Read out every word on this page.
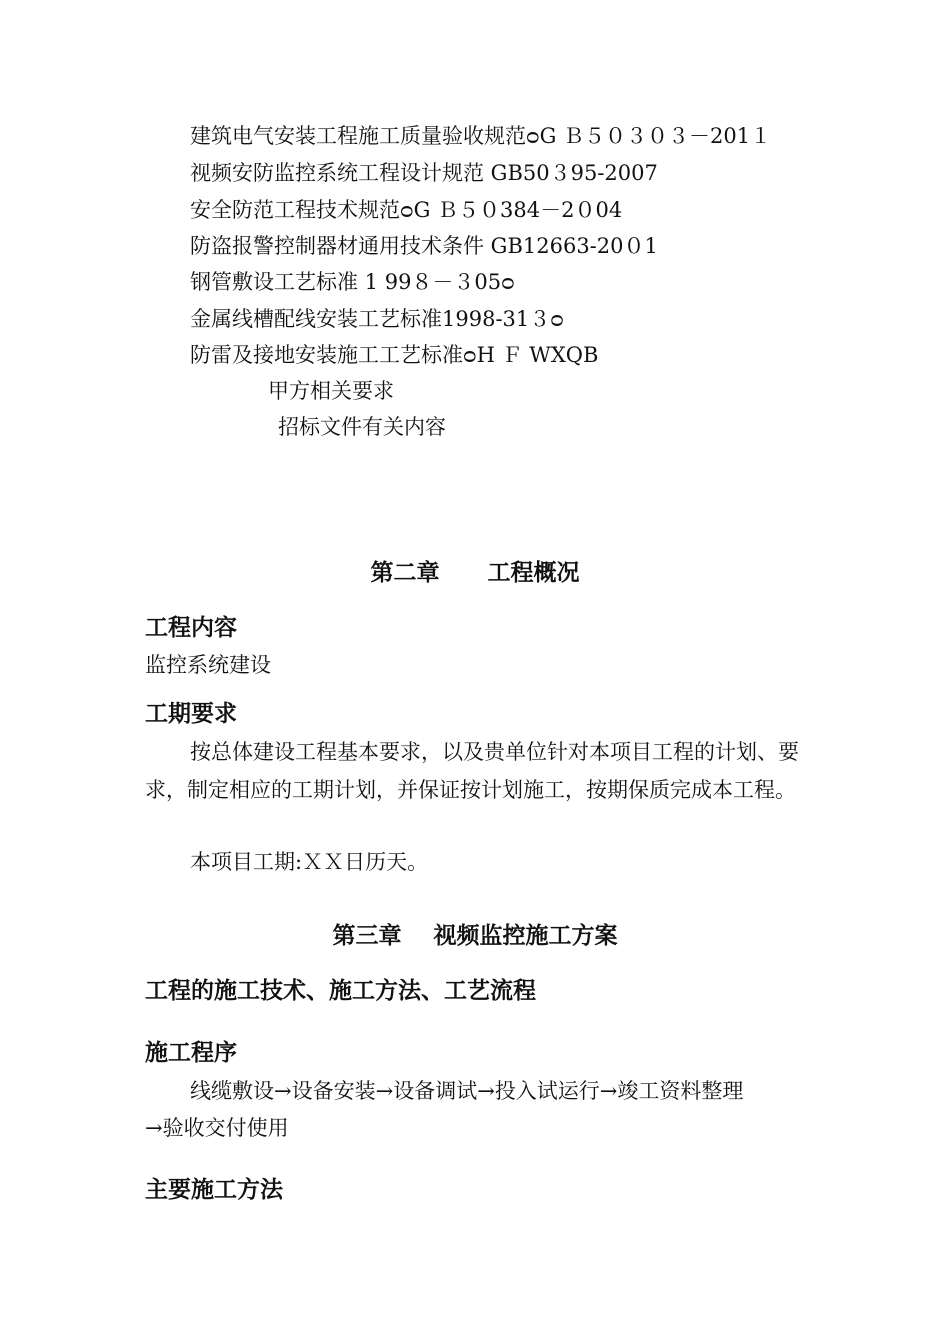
建筑电气安装工程施工质量验收规范ᴑG Ｂ５０３０３－201１
视频安防监控系统工程设计规范 GB50３95-2007
安全防范工程技术规范ᴑG Ｂ５０384－2０04
防盗报警控制器材通用技术条件 GB12663-20０1
钢管敷设工艺标准 1 99８－３05ᴑ
金属线槽配线安装工艺标准1998-31３ᴑ
防雷及接地安装施工工艺标准ᴑH Ｆ WXQB
甲方相关要求
招标文件有关内容
第二章      工程概况
工程内容
监控系统建设
工期要求
按总体建设工程基本要求，以及贵单位针对本项目工程的计划、要求，制定相应的工期计划，并保证按计划施工，按期保质完成本工程。
本项目工期:ＸＸ日历天。
第三章    视频监控施工方案
工程的施工技术、施工方法、工艺流程
施工程序
线缆敷设→设备安装→设备调试→投入试运行→竣工资料整理
→验收交付使用
主要施工方法
